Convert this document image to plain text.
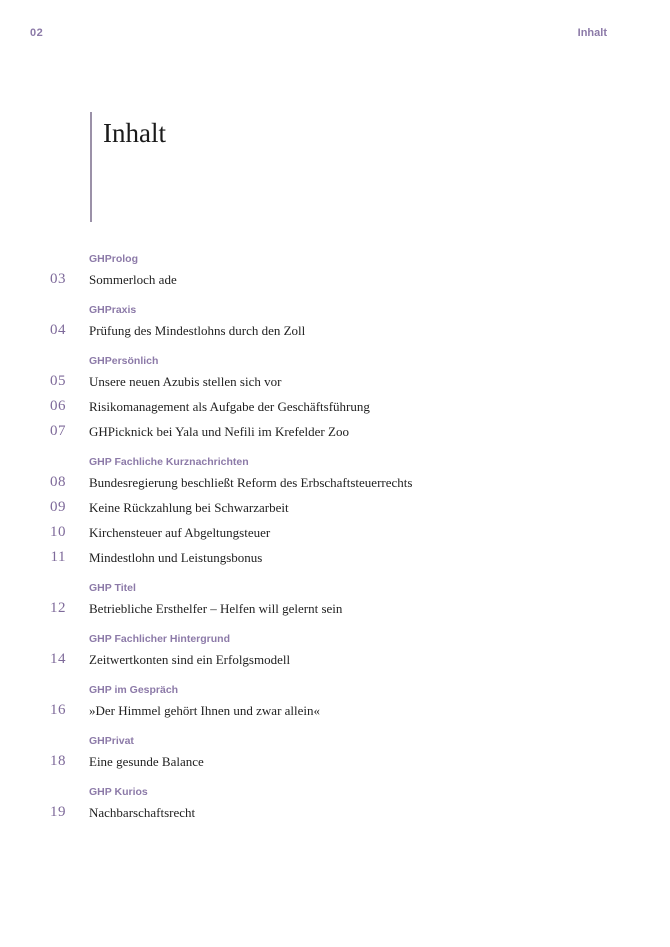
02	Inhalt
Inhalt
GHProlog
03 Sommerloch ade
GHPraxis
04 Prüfung des Mindestlohns durch den Zoll
GHPersönlich
05 Unsere neuen Azubis stellen sich vor
06 Risikomanagement als Aufgabe der Geschäftsführung
07 GHPicknick bei Yala und Nefili im Krefelder Zoo
GHP Fachliche Kurznachrichten
08 Bundesregierung beschließt Reform des Erbschaftsteuerrechts
09 Keine Rückzahlung bei Schwarzarbeit
10 Kirchensteuer auf Abgeltungsteuer
11 Mindestlohn und Leistungsbonus
GHP Titel
12 Betriebliche Ersthelfer – Helfen will gelernt sein
GHP Fachlicher Hintergrund
14 Zeitwertkonten sind ein Erfolgsmodell
GHP im Gespräch
16 »Der Himmel gehört Ihnen und zwar allein«
GHPrivat
18 Eine gesunde Balance
GHP Kurios
19 Nachbarschaftsrecht
